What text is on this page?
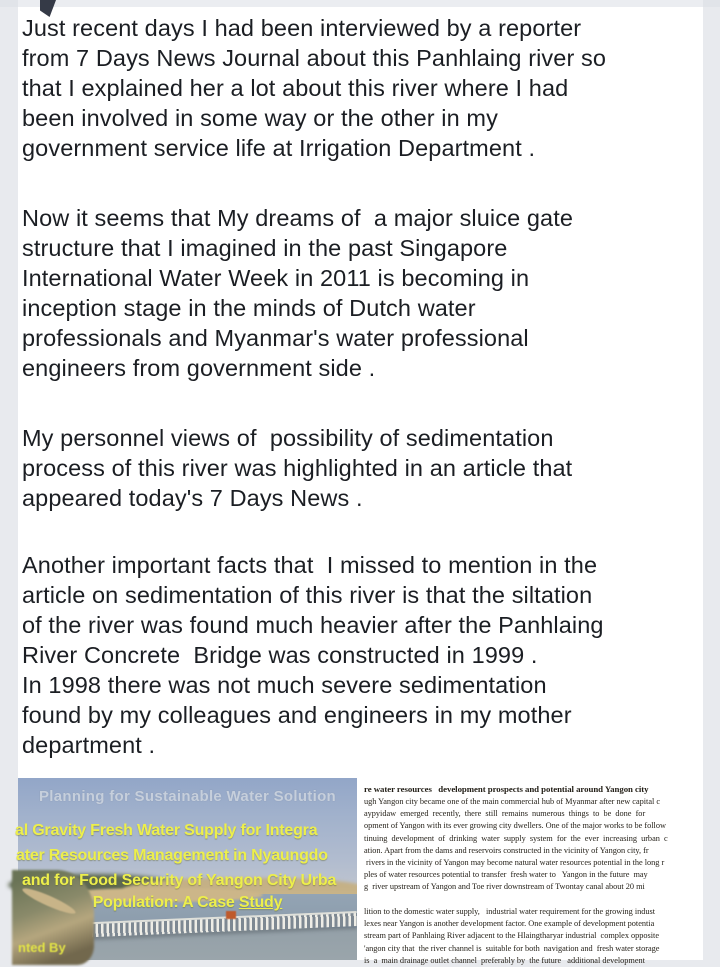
Just recent days I had been interviewed by a reporter
from 7 Days News Journal about this Panhlaing river so
that I explained her a lot about this river where I had
been involved in some way or the other in my
government service life at Irrigation Department .
Now it seems that My dreams of  a major sluice gate
structure that I imagined in the past Singapore
International Water Week in 2011 is becoming in
inception stage in the minds of Dutch water
professionals and Myanmar's water professional
engineers from government side .
My personnel views of  possibility of sedimentation
process of this river was highlighted in an article that
appeared today's 7 Days News .
Another important facts that  I missed to mention in the
article on sedimentation of this river is that the siltation
of the river was found much heavier after the Panhlaing
River Concrete  Bridge was constructed in 1999 .
In 1998 there was not much severe sedimentation
found by my colleagues and engineers in my mother
department .
Planning for Sustainable Water Solution
al Gravity Fresh Water Supply for Integra
ater Resources Management in Nyaungdo
and for Food Security of Yangon City Urba
Population: A Case Study
nted By
re water resources   development prospects and potential around Yangon city
ugh Yangon city became one of the main commercial hub of Myanmar after new capital c
aypyidaw  emerged  recently,  there  still  remains  numerous  things  to  be  done  for
opment of Yangon with its ever growing city dwellers. One of the major works to be follow
tinuing  development  of  drinking  water  supply  system  for  the  ever  increasing  urban  c
ation. Apart from the dams and reservoirs constructed in the vicinity of Yangon city, fr
rivers in the vicinity of Yangon may become natural water resources potential in the long r
ples of water resources potential to transfer  fresh water to   Yangon in the future  may
g  river upstream of Yangon and Toe river downstream of Twontay canal about 20 mi
lition to the domestic water supply,   industrial water requirement for the growing indust
lexes near Yangon is another development factor. One example of development potentia
stream part of Panhlaing River adjacent to the Hlaingtharyar industrial  complex opposite
'angon city that  the river channel is  suitable for both  navigation and  fresh water storage
is  a  main drainage outlet channel  preferably by  the future   additional development
